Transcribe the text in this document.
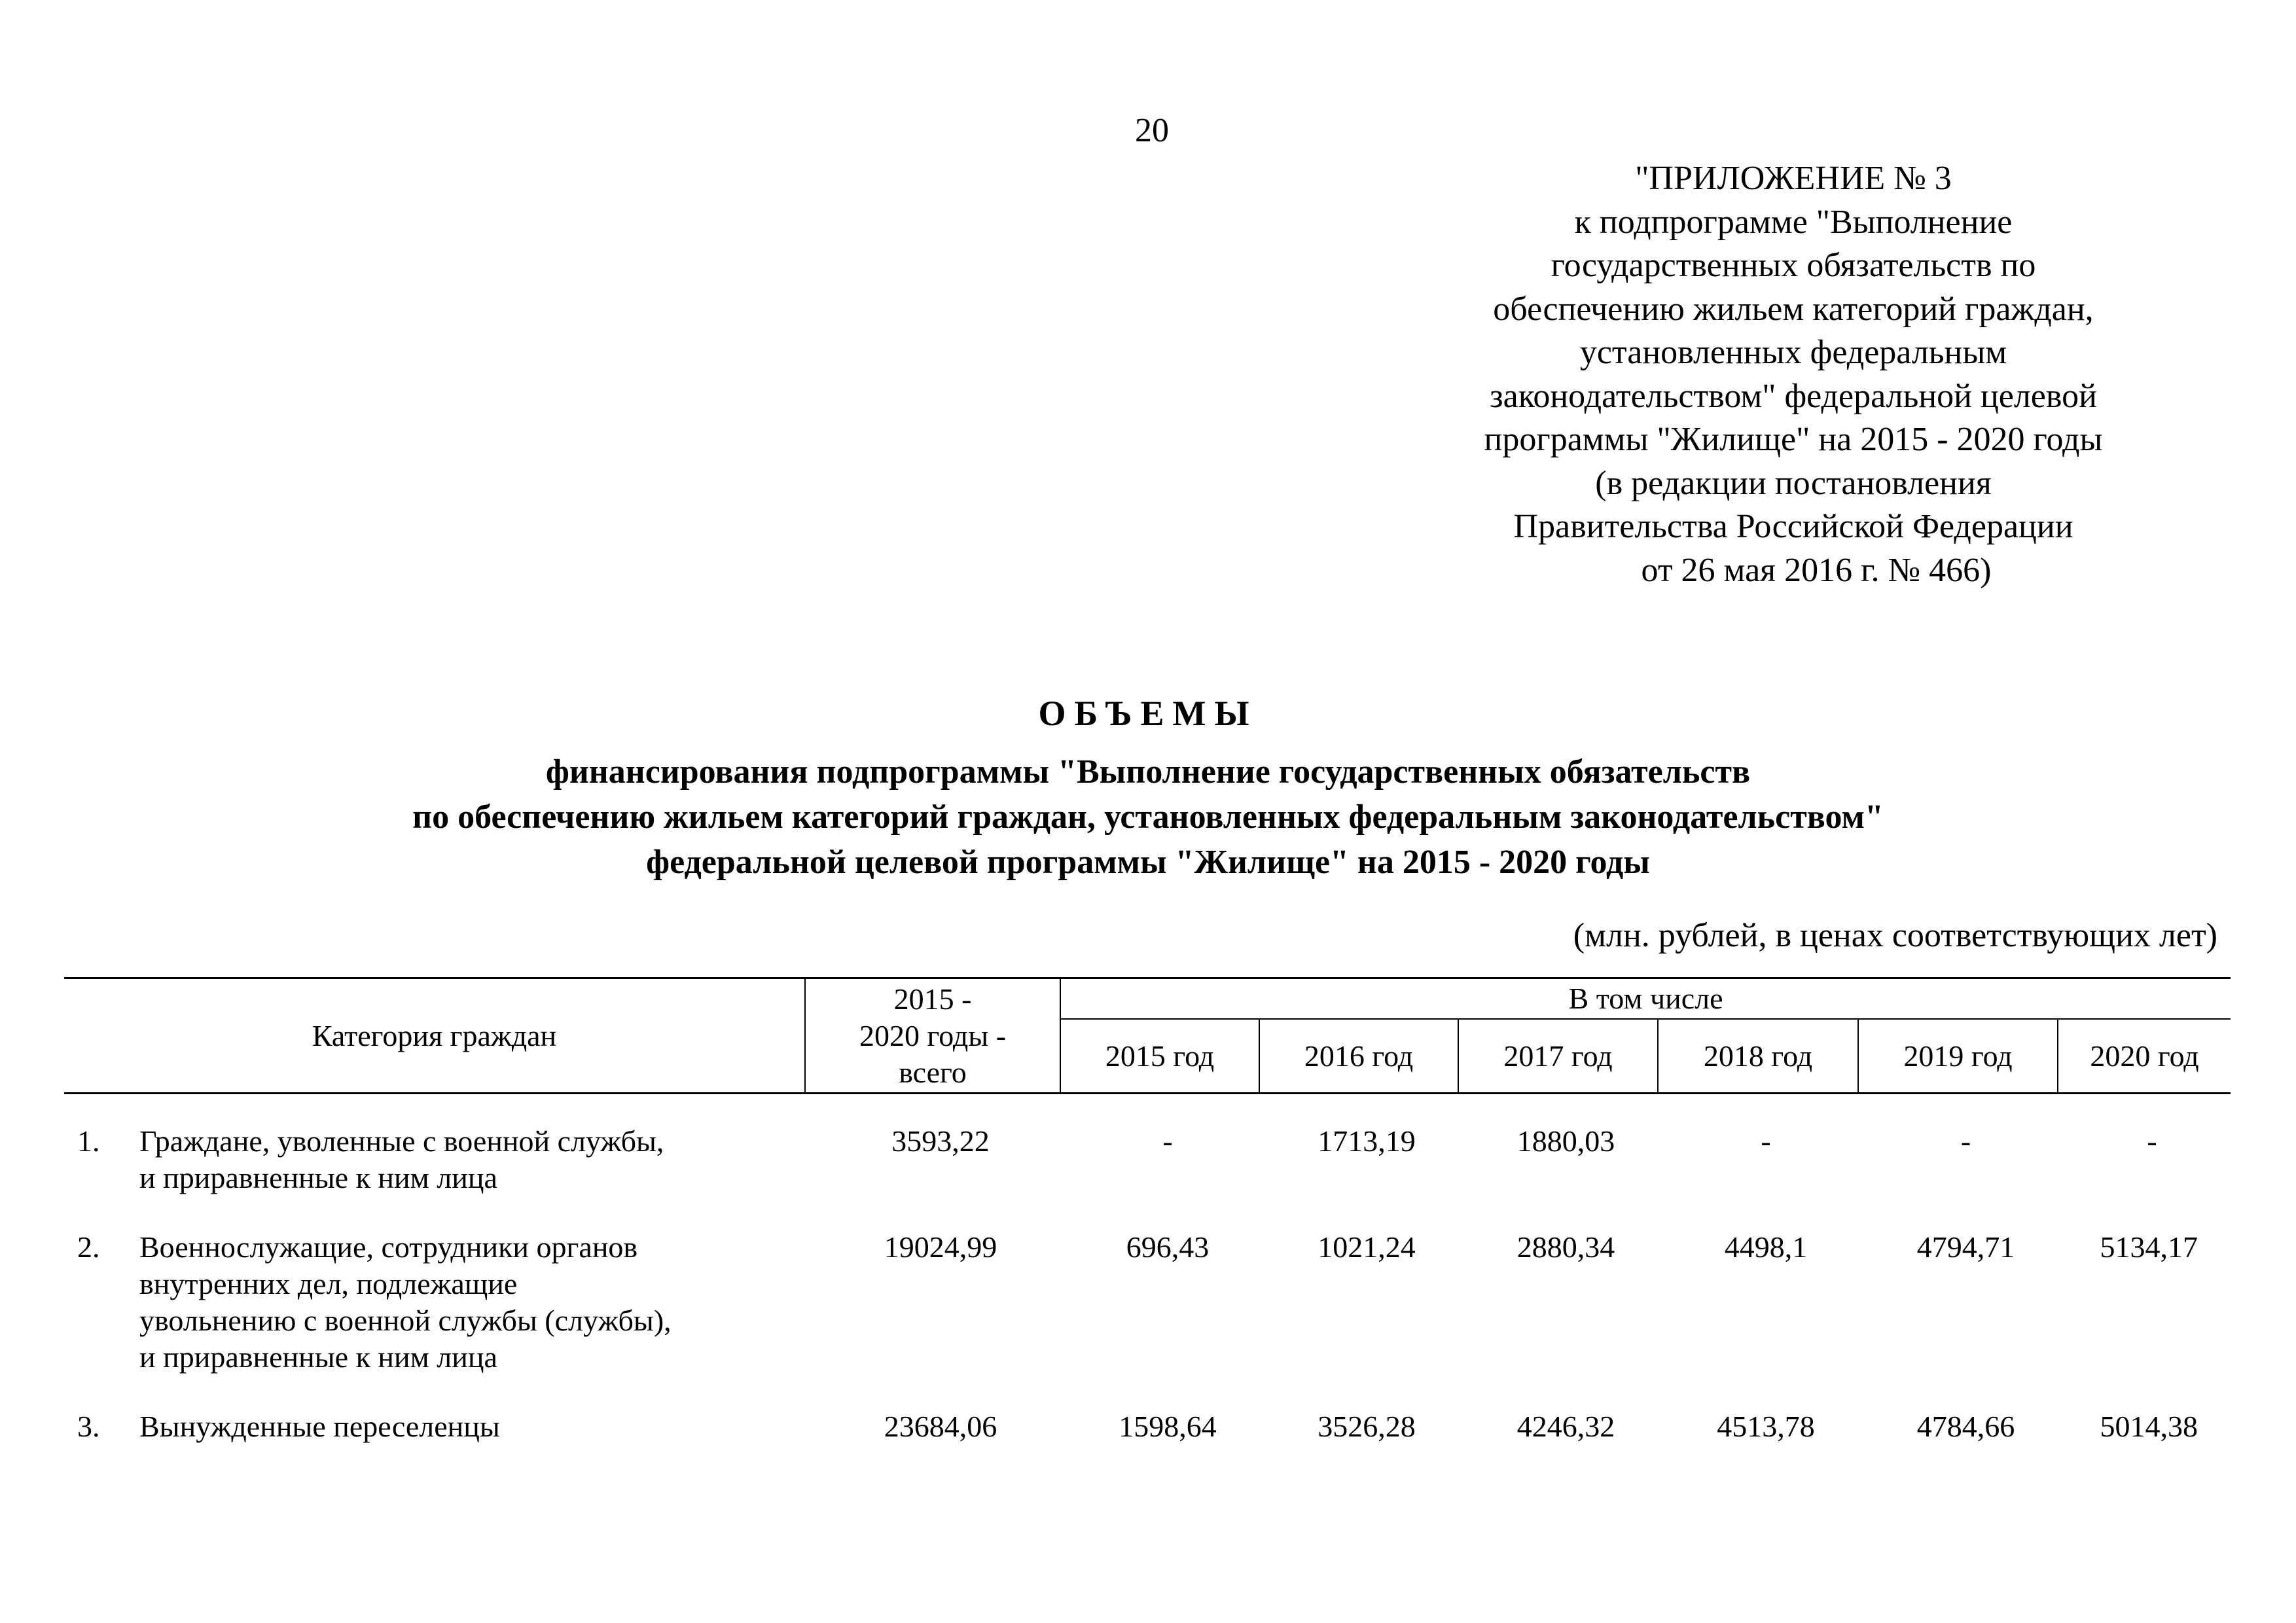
20
"ПРИЛОЖЕНИЕ № 3
к подпрограмме "Выполнение
государственных обязательств по
обеспечению жильем категорий граждан,
установленных федеральным
законодательством" федеральной целевой
программы "Жилище" на 2015 - 2020 годы
(в редакции постановления
Правительства Российской Федерации
от 26 мая 2016 г. № 466)
ОБЪЕМЫ
финансирования подпрограммы "Выполнение государственных обязательств
по обеспечению жильем категорий граждан, установленных федеральным законодательством"
федеральной целевой программы "Жилище" на 2015 - 2020 годы
(млн. рублей, в ценах соответствующих лет)
Категория граждан	
2015 -
2020 годы -
всего
	В том числе
2015 год	2016 год	2017 год	2018 год	2019 год	2020 год

1.	Граждане, уволенные с военной службы,
и приравненные к ним лица
	3593,22	-	1713,19	1880,03	-	-	-

2.	Военнослужащие, сотрудники органов
внутренних дел, подлежащие
увольнению с военной службы (службы),
и приравненные к ним лица
	19024,99	696,43	1021,24	2880,34	4498,1	4794,71	5134,17

3.	Вынужденные переселенцы
		23684,06	1598,64	3526,28	4246,32	4513,78	4784,66	5014,38
